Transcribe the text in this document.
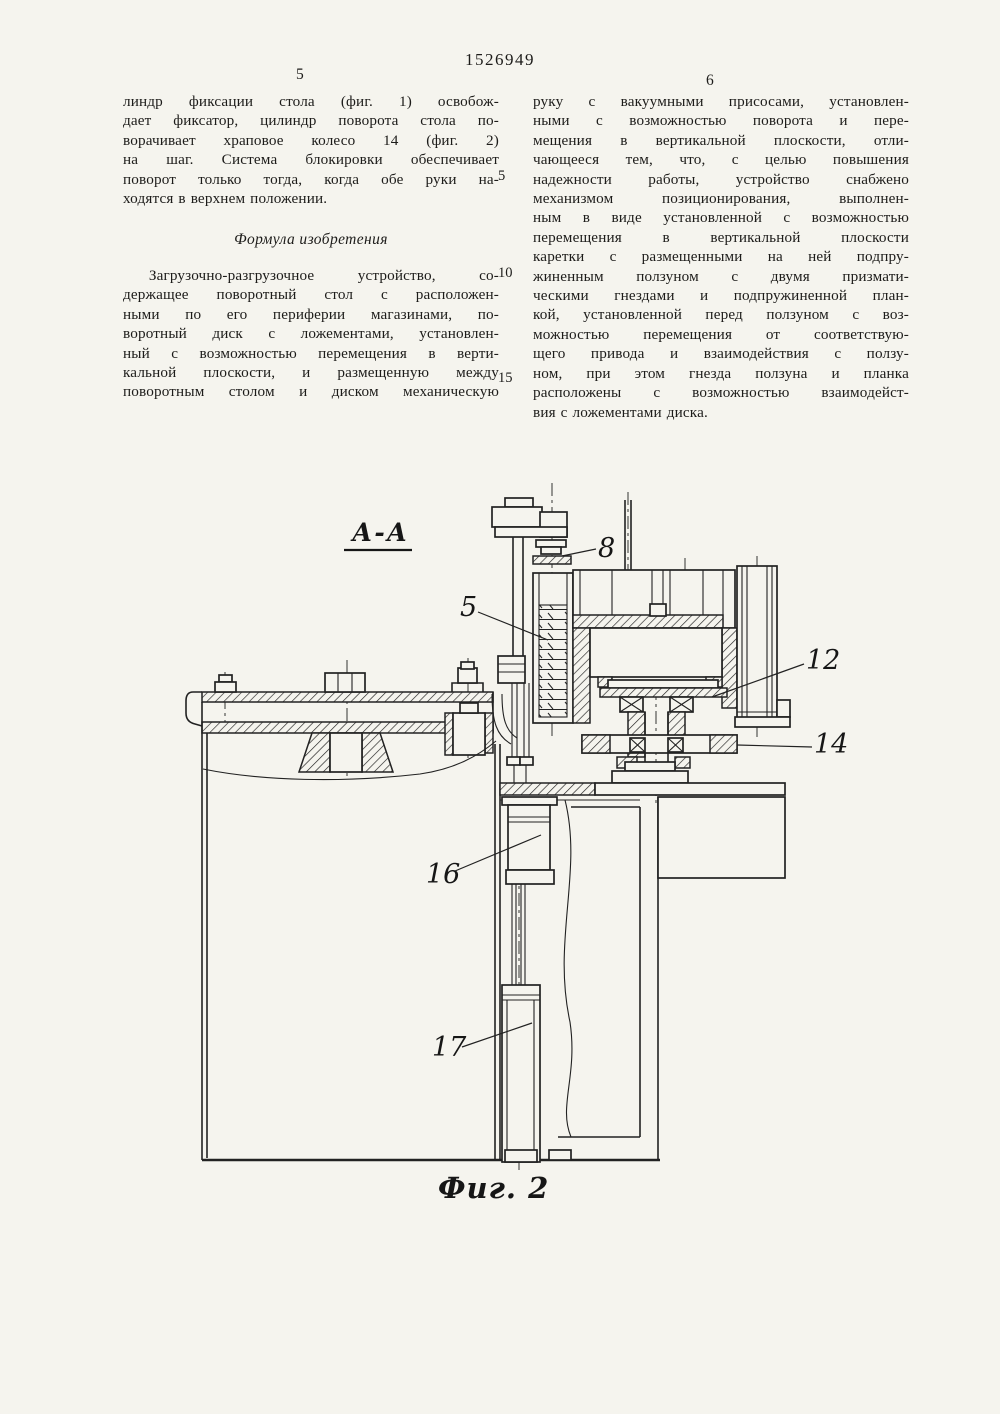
1526949
5	6
линдр фиксации стола (фиг. 1) освобож-
дает фиксатор, цилиндр поворота стола по-
ворачивает храповое колесо 14 (фиг. 2)
на шаг. Система блокировки обеспечивает
поворот только тогда, когда обе руки на-
ходятся в верхнем положении.
Формула изобретения
Загрузочно-разгрузочное устройство, со-
держащее поворотный стол с расположен-
ными по его периферии магазинами, по-
воротный диск с ложементами, установлен-
ный с возможностью перемещения в верти-
кальной плоскости, и размещенную между
поворотным столом и диском механическую
руку с вакуумными присосами, установлен-
ными с возможностью поворота и пере-
мещения в вертикальной плоскости, отли-
чающееся тем, что, с целью повышения
надежности работы, устройство снабжено
механизмом позиционирования, выполнен-
ным в виде установленной с возможностью
перемещения в вертикальной плоскости
каретки с размещенными на ней подпру-
жиненным ползуном с двумя призмати-
ческими гнездами и подпружиненной план-
кой, установленной перед ползуном с воз-
можностью перемещения от соответствую-
щего привода и взаимодействия с ползу-
ном, при этом гнезда ползуна и планка
расположены с возможностью взаимодейст-
вия с ложементами диска.
5
10
15
А-А
8
5
12
14
16
17
Фиг. 2
